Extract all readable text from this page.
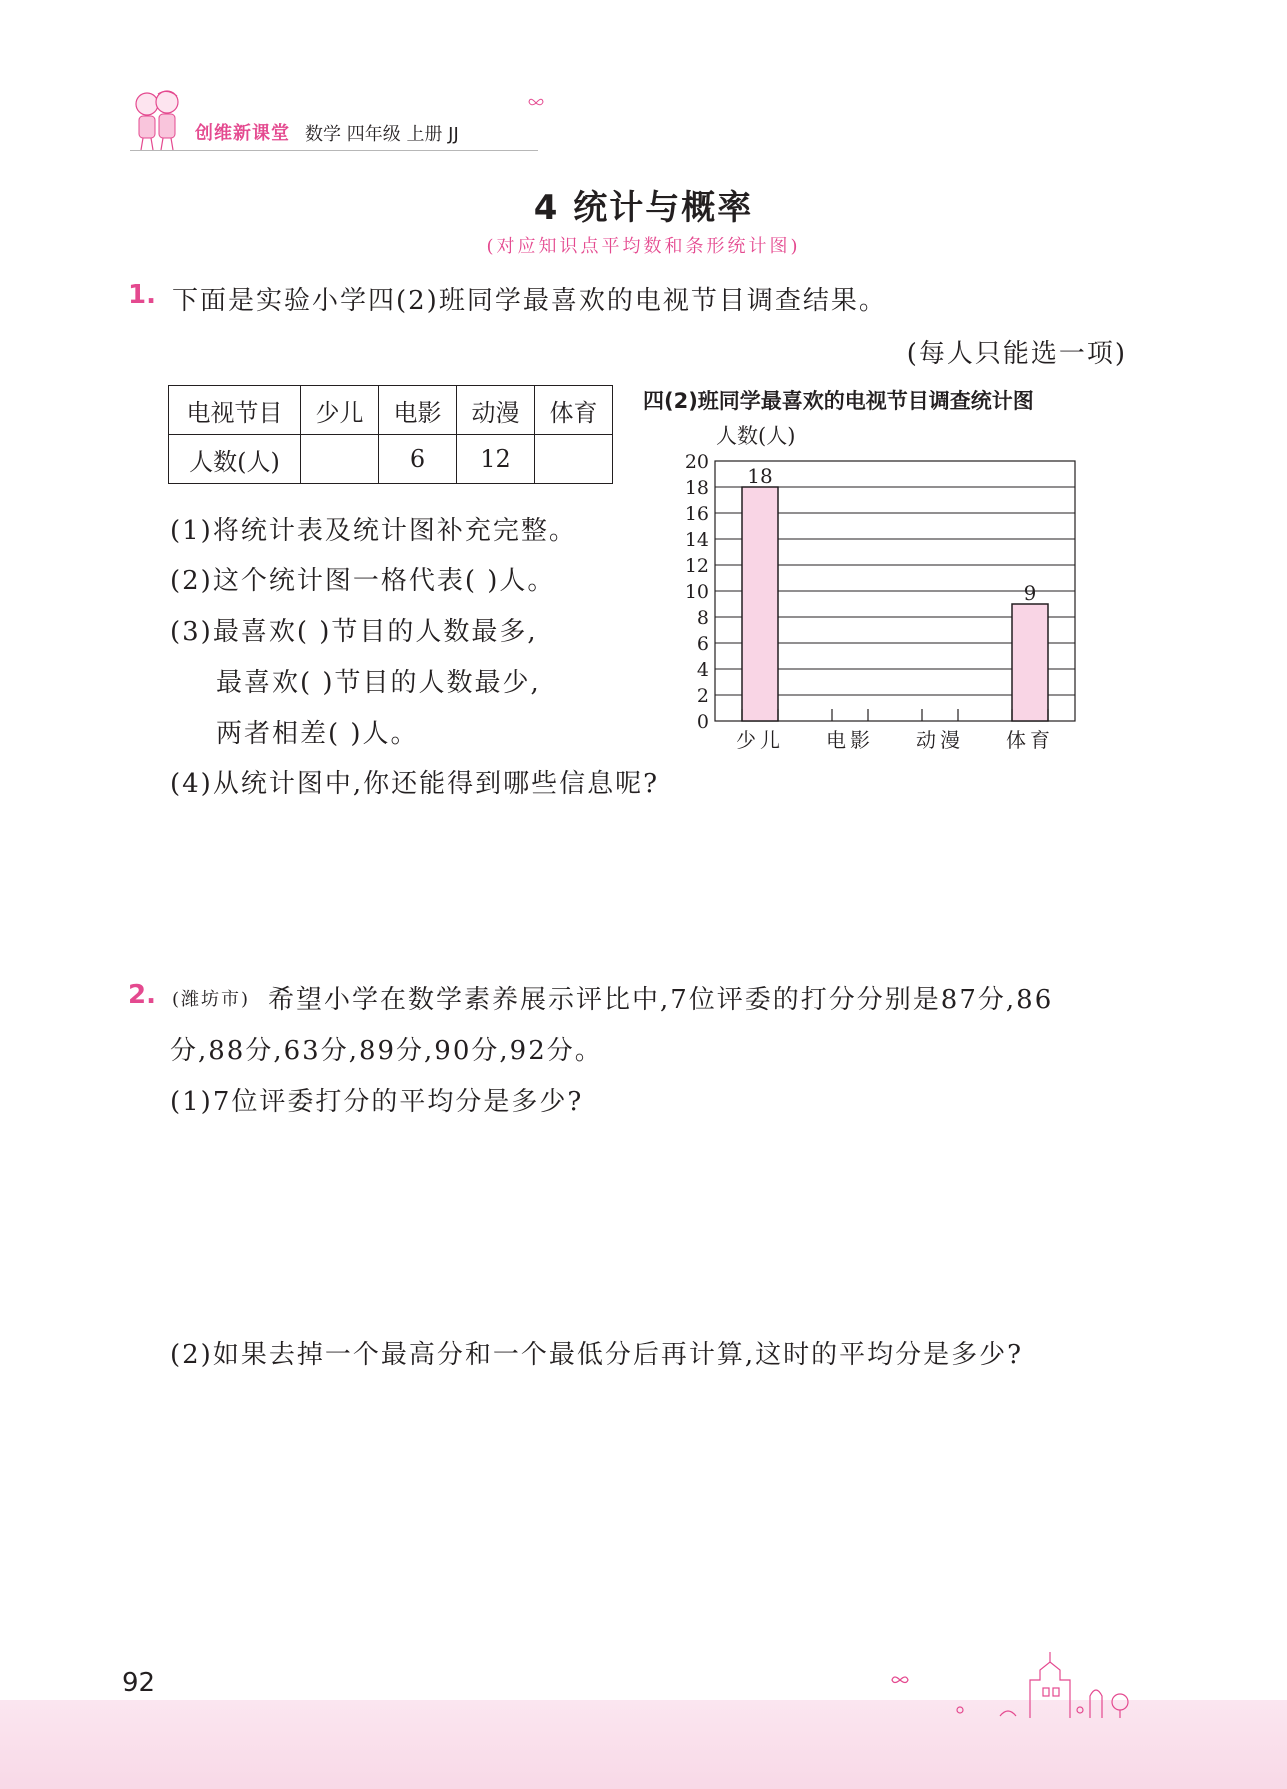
创维新课堂 数学 四年级 上册 JJ
4 统计与概率
(对应知识点平均数和条形统计图)
1. 下面是实验小学四(2)班同学最喜欢的电视节目调查结果。
(每人只能选一项)
电视节目	少儿	电影	动漫	体育
人数(人)		6	12	
四(2)班同学最喜欢的电视节目调查统计图
0
2
4
6
8
10
12
14
16
18
20
18
9
少儿 电影 动漫 体育
人数(人)
(1)将统计表及统计图补充完整。
(2)这个统计图一格代表( )人。
(3)最喜欢( )节目的人数最多,
最喜欢( )节目的人数最少,
两者相差( )人。
(4)从统计图中,你还能得到哪些信息呢?
2. (潍坊市) 希望小学在数学素养展示评比中,7位评委的打分分别是87分,86
分,88分,63分,89分,90分,92分。
(1)7位评委打分的平均分是多少?
(2)如果去掉一个最高分和一个最低分后再计算,这时的平均分是多少?
92
